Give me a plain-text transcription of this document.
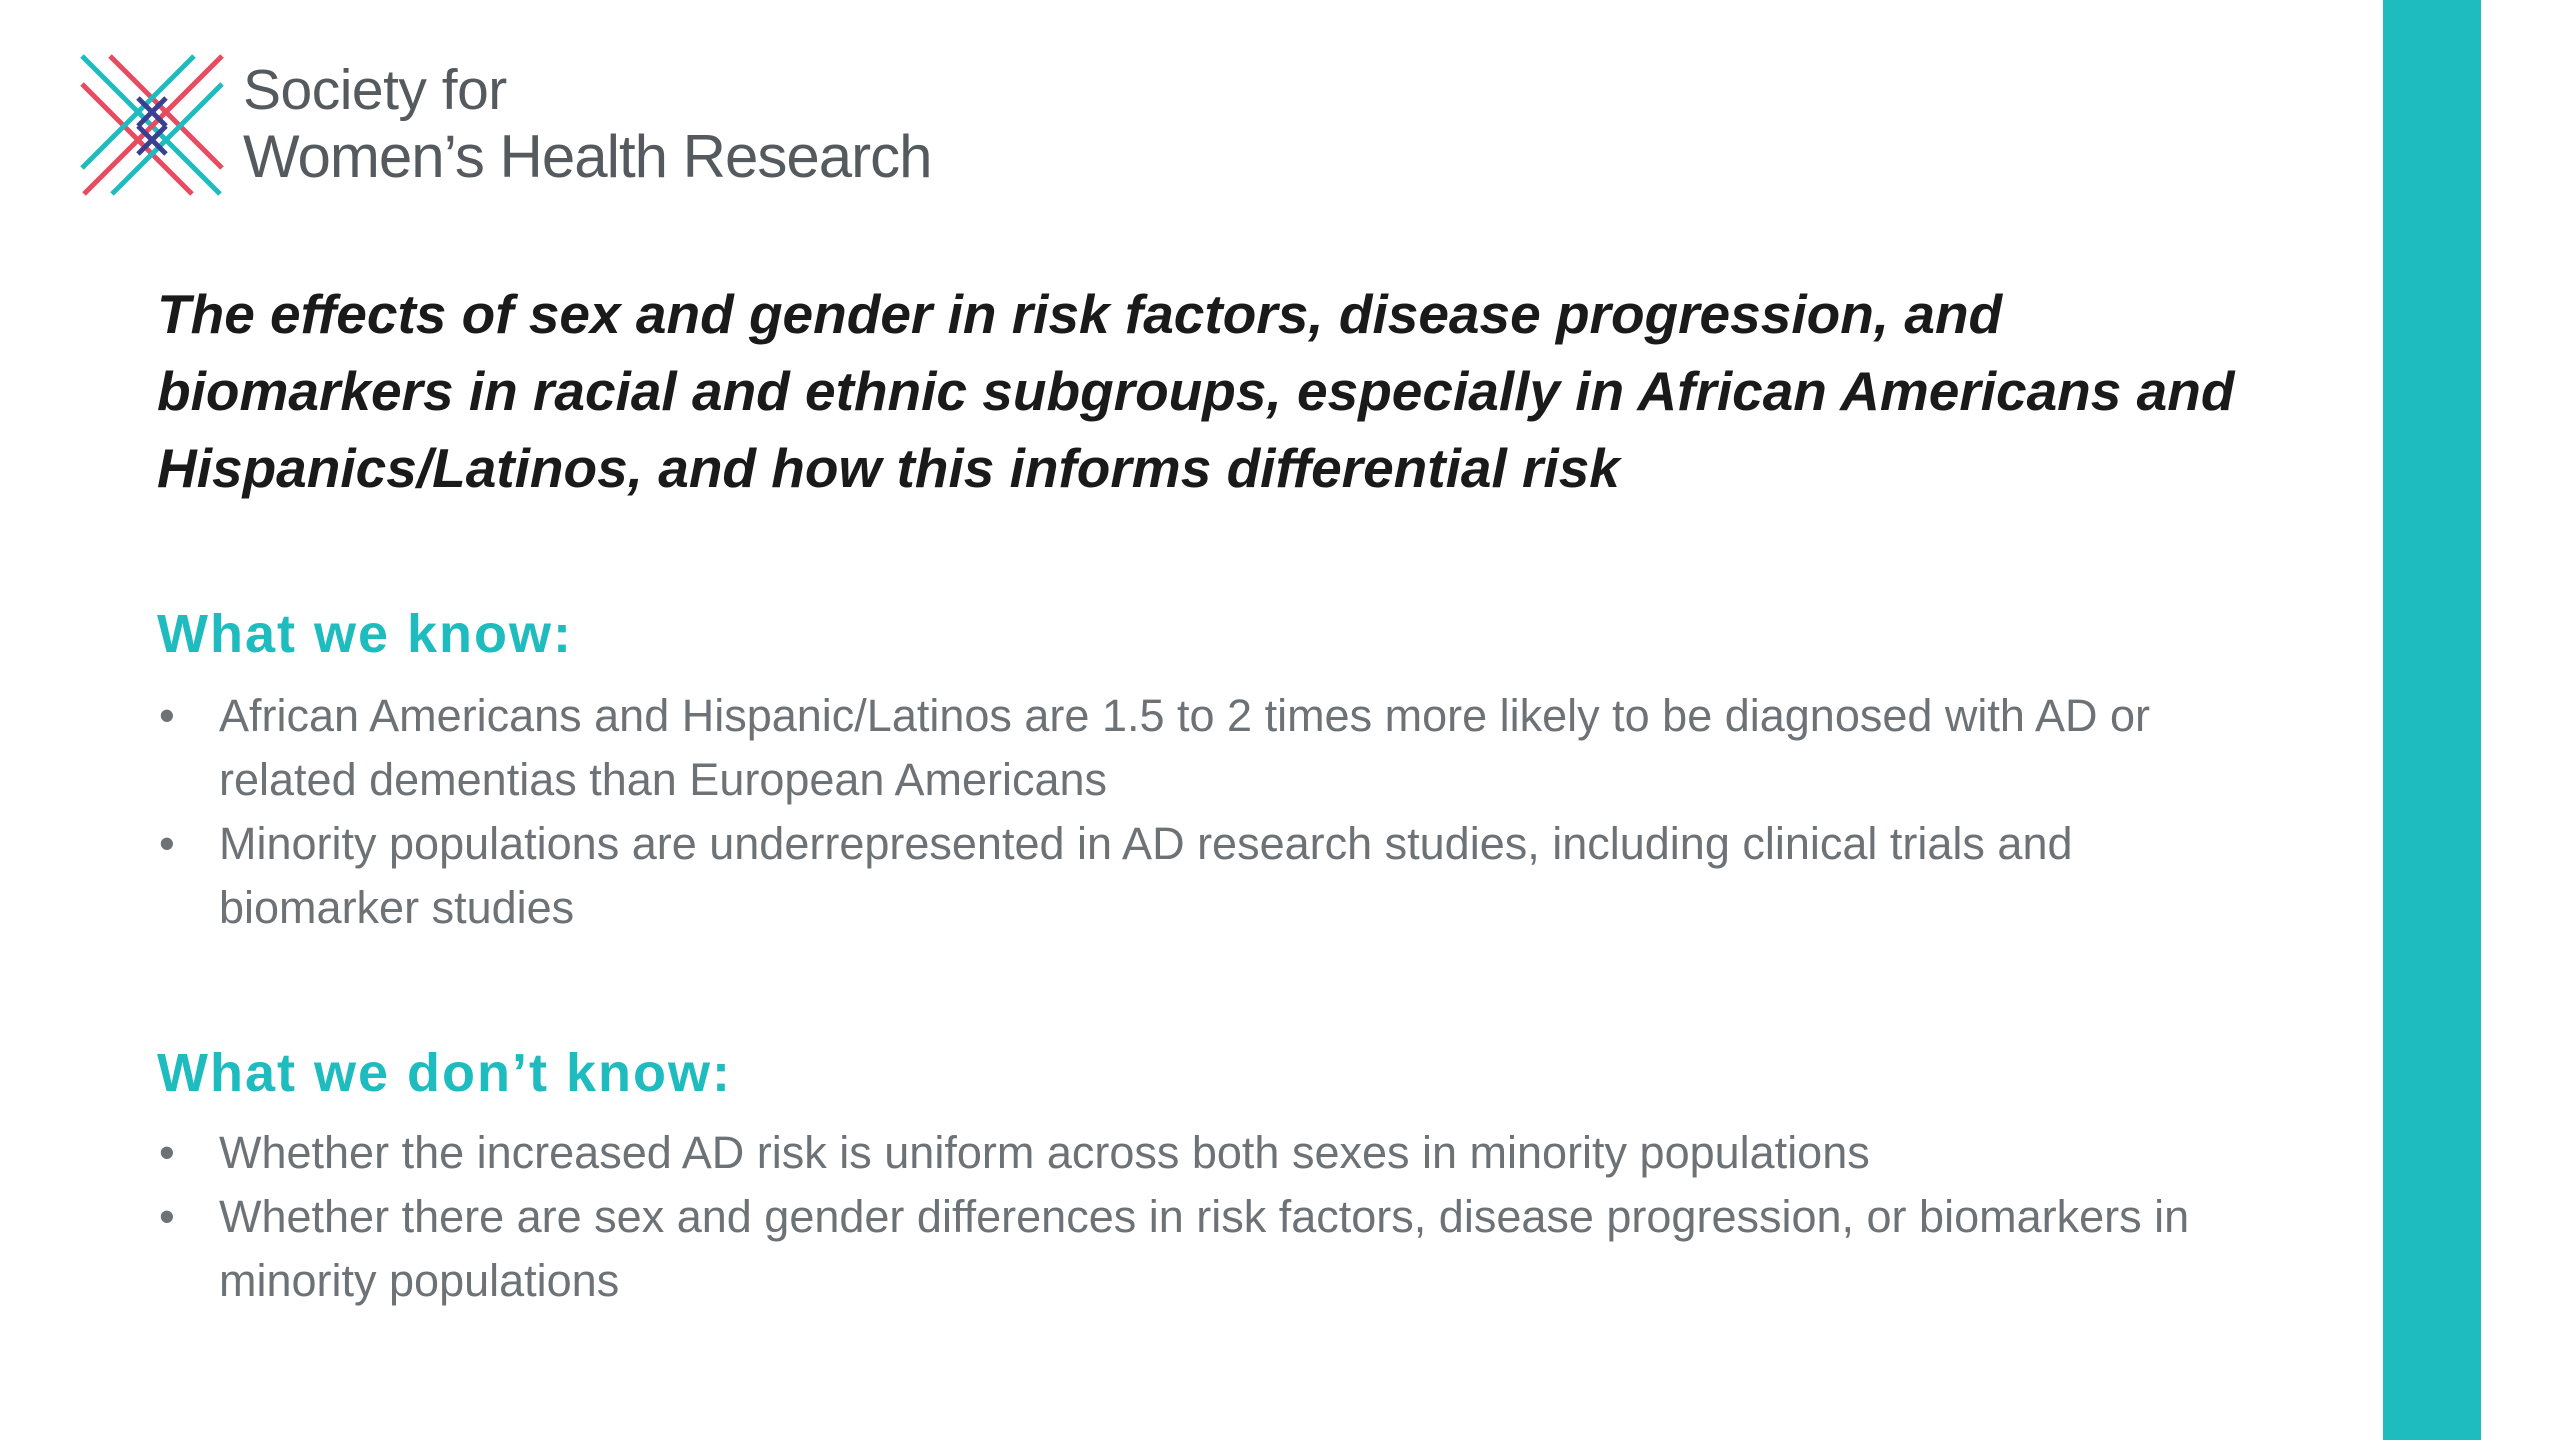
Society for
Women’s Health Research
The effects of sex and gender in risk factors, disease progression, and biomarkers in racial and ethnic subgroups, especially in African Americans and Hispanics/Latinos, and how this informs differential risk
What we know:
• African Americans and Hispanic/Latinos are 1.5 to 2 times more likely to be diagnosed with AD or related dementias than European Americans
• Minority populations are underrepresented in AD research studies, including clinical trials and biomarker studies
What we don’t know:
• Whether the increased AD risk is uniform across both sexes in minority populations
• Whether there are sex and gender differences in risk factors, disease progression, or biomarkers in minority populations
